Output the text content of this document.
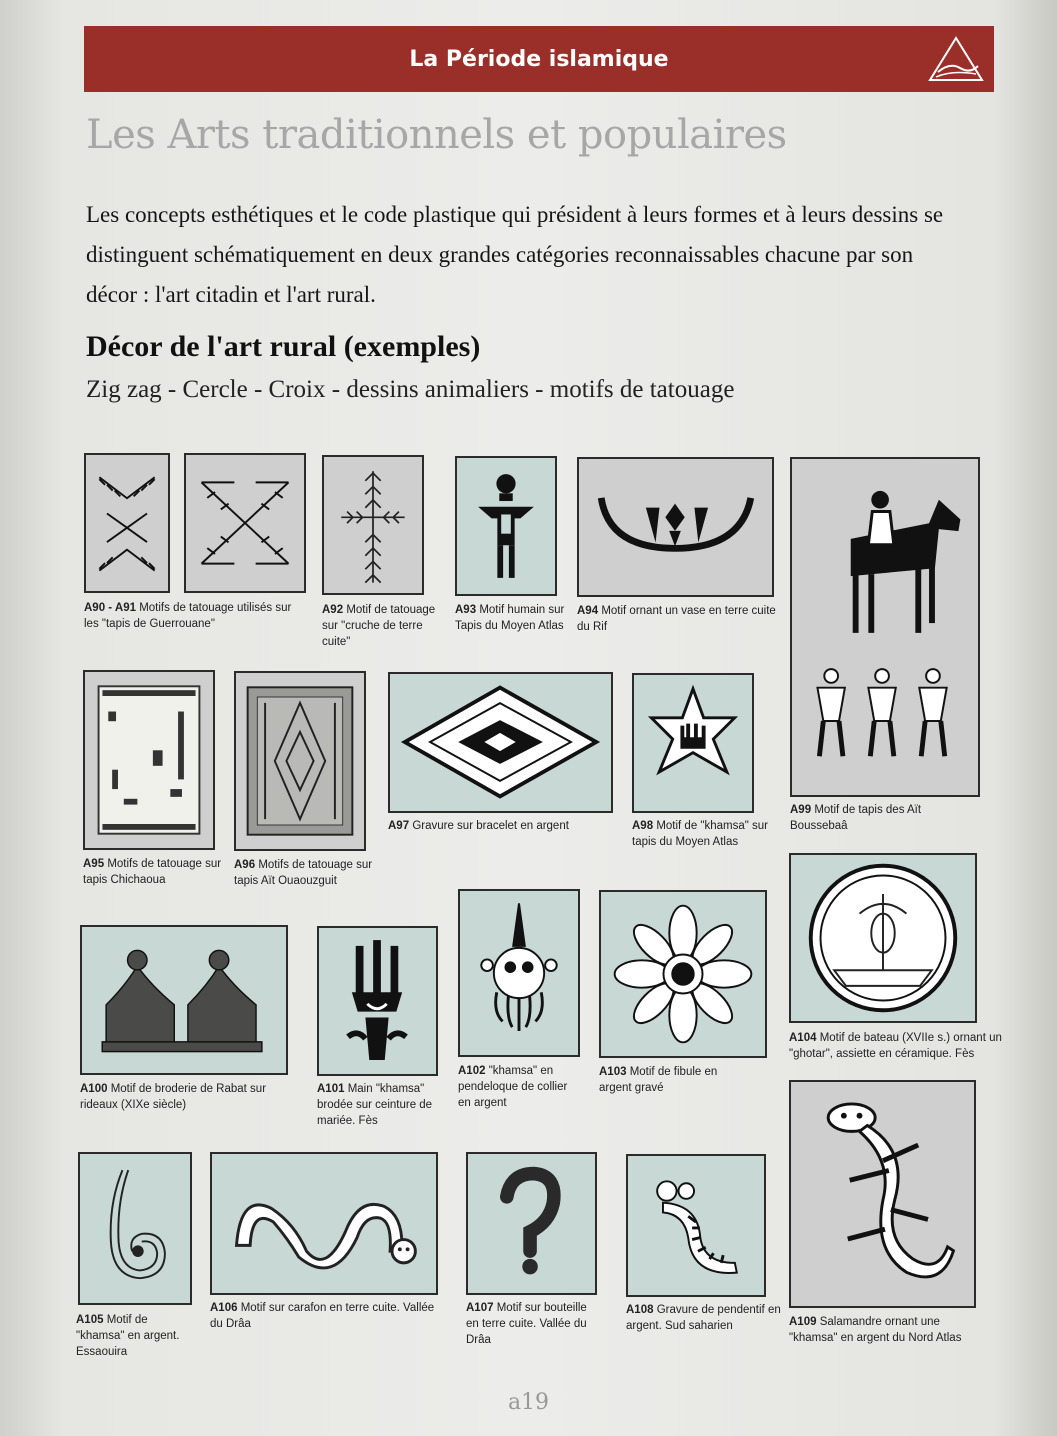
La Période islamique
Les Arts traditionnels et populaires
Les concepts esthétiques et le code plastique qui président à leurs formes et à leurs dessins se distinguent schématiquement en deux grandes catégories reconnaissables chacune par son décor : l'art citadin et l'art rural.
Décor de l'art rural (exemples)
Zig zag - Cercle - Croix - dessins animaliers - motifs de tatouage
A90 - A91 Motifs de tatouage utilisés sur les "tapis de Guerrouane"
A92 Motif de tatouage sur "cruche de terre cuite"
A93 Motif humain sur Tapis du Moyen Atlas
A94 Motif ornant un vase en terre cuite du Rif
A99 Motif de tapis des Aït Boussebaâ
A95 Motifs de tatouage sur tapis Chichaoua
A96 Motifs de tatouage sur tapis Aït Ouaouzguit
A97 Gravure sur bracelet en argent	A98 Motif de "khamsa" sur tapis du Moyen Atlas
A104 Motif de bateau (XVIIe s.) ornant un "ghotar", assiette en céramique. Fès
A100 Motif de broderie de Rabat sur rideaux (XIXe siècle)
A101 Main "khamsa" brodée sur ceinture de mariée. Fès
A102 "khamsa" en pendeloque de collier en argent
A103 Motif de fibule en argent gravé
A105 Motif de "khamsa" en argent. Essaouira
A106 Motif sur carafon en terre cuite. Vallée du Drâa
A107 Motif sur bouteille en terre cuite. Vallée du Drâa
A108 Gravure de pendentif en argent. Sud saharien	A109 Salamandre ornant une "khamsa" en argent du Nord Atlas
a19
